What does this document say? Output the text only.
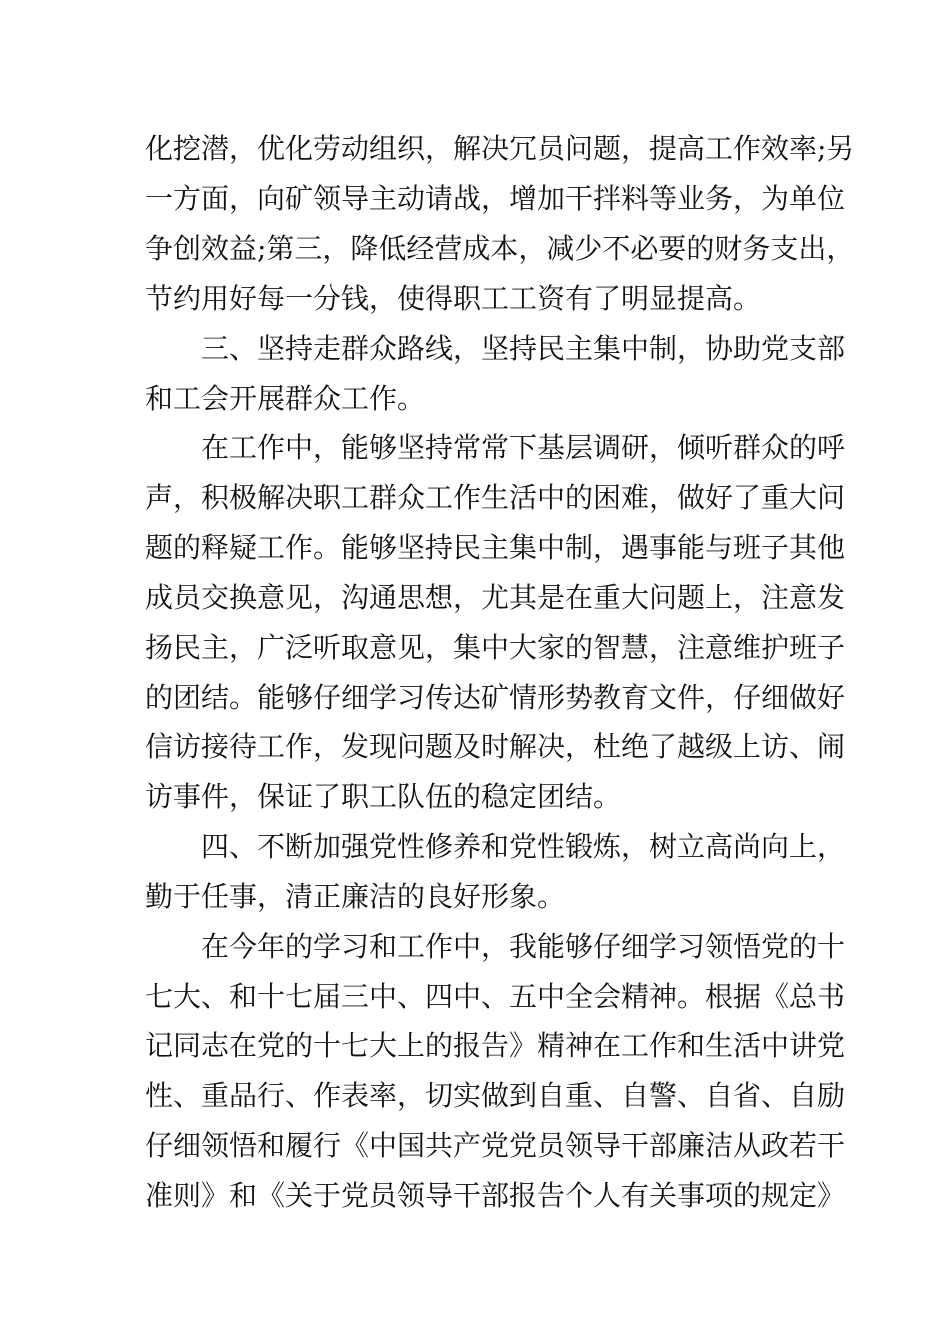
化挖潜，优化劳动组织，解决冗员问题，提高工作效率;另
一方面，向矿领导主动请战，增加干拌料等业务，为单位
争创效益;第三，降低经营成本，减少不必要的财务支出，
节约用好每一分钱，使得职工工资有了明显提高。
三、坚持走群众路线，坚持民主集中制，协助党支部
和工会开展群众工作。
在工作中，能够坚持常常下基层调研，倾听群众的呼
声，积极解决职工群众工作生活中的困难，做好了重大问
题的释疑工作。能够坚持民主集中制，遇事能与班子其他
成员交换意见，沟通思想，尤其是在重大问题上，注意发
扬民主，广泛听取意见，集中大家的智慧，注意维护班子
的团结。能够仔细学习传达矿情形势教育文件，仔细做好
信访接待工作，发现问题及时解决，杜绝了越级上访、闹
访事件，保证了职工队伍的稳定团结。
四、不断加强党性修养和党性锻炼，树立高尚向上，
勤于任事，清正廉洁的良好形象。
在今年的学习和工作中，我能够仔细学习领悟党的十
七大、和十七届三中、四中、五中全会精神。根据《总书
记同志在党的十七大上的报告》精神在工作和生活中讲党
性、重品行、作表率，切实做到自重、自警、自省、自励
仔细领悟和履行《中国共产党党员领导干部廉洁从政若干
准则》和《关于党员领导干部报告个人有关事项的规定》
